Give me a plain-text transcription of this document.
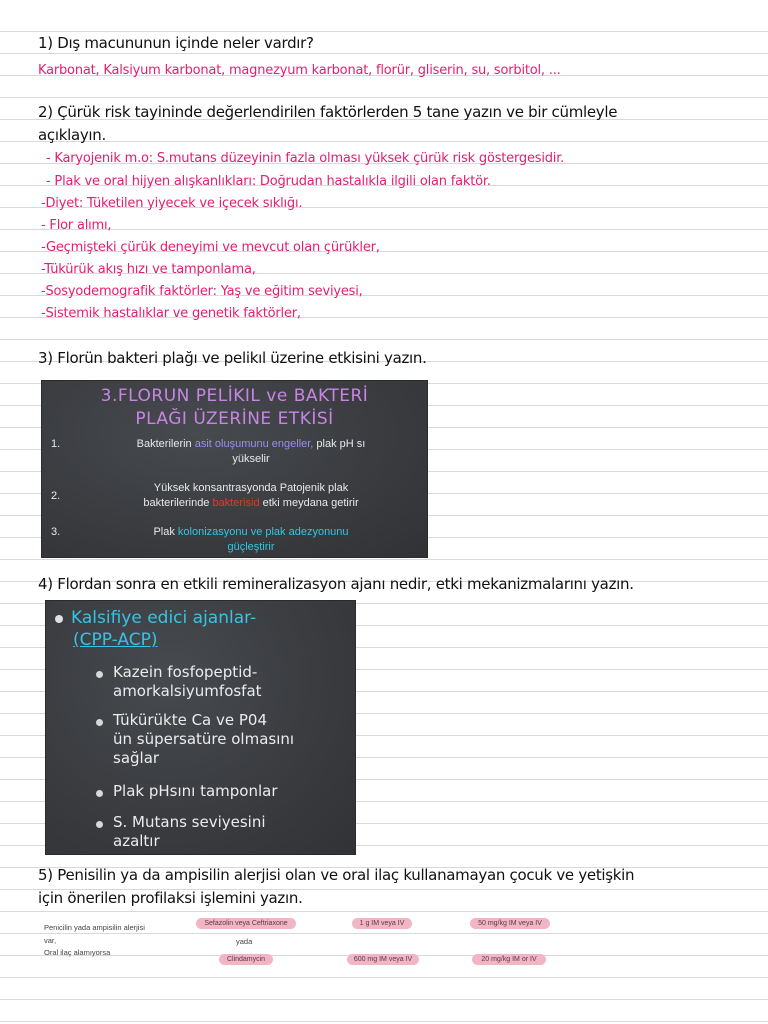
1) Dış macununun içinde neler vardır?
Karbonat, Kalsiyum karbonat, magnezyum karbonat, florür, gliserin, su, sorbitol, ...
2) Çürük risk tayininde değerlendirilen faktörlerden 5 tane yazın ve bir cümleyle
açıklayın.
- Karyojenik m.o: S.mutans düzeyinin fazla olması yüksek çürük risk göstergesidir.
- Plak ve oral hijyen alışkanlıkları: Doğrudan hastalıkla ilgili olan faktör.
-Diyet: Tüketilen yiyecek ve içecek sıklığı.
- Flor alımı,
-Geçmişteki çürük deneyimi ve mevcut olan çürükler,
-Tükürük akış hızı ve tamponlama,
-Sosyodemografik faktörler: Yaş ve eğitim seviyesi,
-Sistemik hastalıklar ve genetik faktörler,
3) Florün bakteri plağı ve pelikıl üzerine etkisini yazın.
3.FLORUN PELİKIL ve BAKTERİ
PLAĞI ÜZERİNE ETKİSİ
1.	Bakterilerin asit oluşumunu engeller, plak pH sı
yükselir
2.
Yüksek konsantrasyonda Patojenik plak
bakterilerinde bakterisid etki meydana getirir
3.	Plak kolonizasyonu ve plak adezyonunu
güçleştirir
4) Flordan sonra en etkili remineralizasyon ajanı nedir, etki mekanizmalarını yazın.
Kalsifiye edici ajanlar-
(CPP-ACP)
Kazein fosfopeptid-
amorkalsiyumfosfat
Tükürükte Ca ve P04
ün süpersatüre olmasını
sağlar
Plak pHsını tamponlar
S. Mutans seviyesini
azaltır
5) Penisilin ya da ampisilin alerjisi olan ve oral ilaç kullanamayan çocuk ve yetişkin
için önerilen profilaksi işlemini yazın.
Penicilin yada ampisilin alerjisi
var,
Oral ilaç alamıyorsa
Sefazolin veya Ceftriaxone
yada
Clindamycin
1 g IM veya IV
600 mg IM veya IV
50 mg/kg IM veya IV
20 mg/kg IM or IV
